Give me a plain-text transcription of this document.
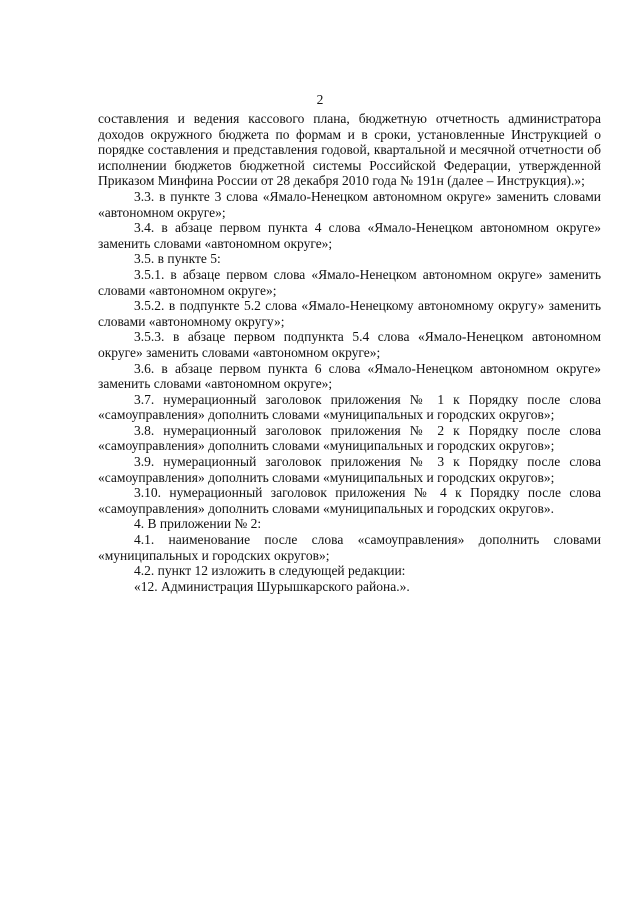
2

составления и ведения кассового плана, бюджетную отчетность администратора доходов окружного бюджета по формам и в сроки, установленные Инструкцией о порядке составления и представления годовой, квартальной и месячной отчетности об исполнении бюджетов бюджетной системы Российской Федерации, утвержденной Приказом Минфина России от 28 декабря 2010 года № 191н (далее – Инструкция).»;

3.3. в пункте 3 слова «Ямало-Ненецком автономном округе» заменить словами «автономном округе»;

3.4. в абзаце первом пункта 4 слова «Ямало-Ненецком автономном округе» заменить словами «автономном округе»;

3.5. в пункте 5:

3.5.1. в абзаце первом слова «Ямало-Ненецком автономном округе» заменить словами «автономном округе»;

3.5.2. в подпункте 5.2 слова «Ямало-Ненецкому автономному округу» заменить словами «автономному округу»;

3.5.3. в абзаце первом подпункта 5.4 слова «Ямало-Ненецком автономном округе» заменить словами «автономном округе»;

3.6. в абзаце первом пункта 6 слова «Ямало-Ненецком автономном округе» заменить словами «автономном округе»;

3.7. нумерационный заголовок приложения № 1 к Порядку после слова «самоуправления» дополнить словами «муниципальных и городских округов»;

3.8. нумерационный заголовок приложения № 2 к Порядку после слова «самоуправления» дополнить словами «муниципальных и городских округов»;

3.9. нумерационный заголовок приложения № 3 к Порядку после слова «самоуправления» дополнить словами «муниципальных и городских округов»;

3.10. нумерационный заголовок приложения № 4 к Порядку после слова «самоуправления» дополнить словами «муниципальных и городских округов».

4. В приложении № 2:

4.1. наименование после слова «самоуправления» дополнить словами «муниципальных и городских округов»;

4.2. пункт 12 изложить в следующей редакции:

«12. Администрация Шурышкарского района.».
